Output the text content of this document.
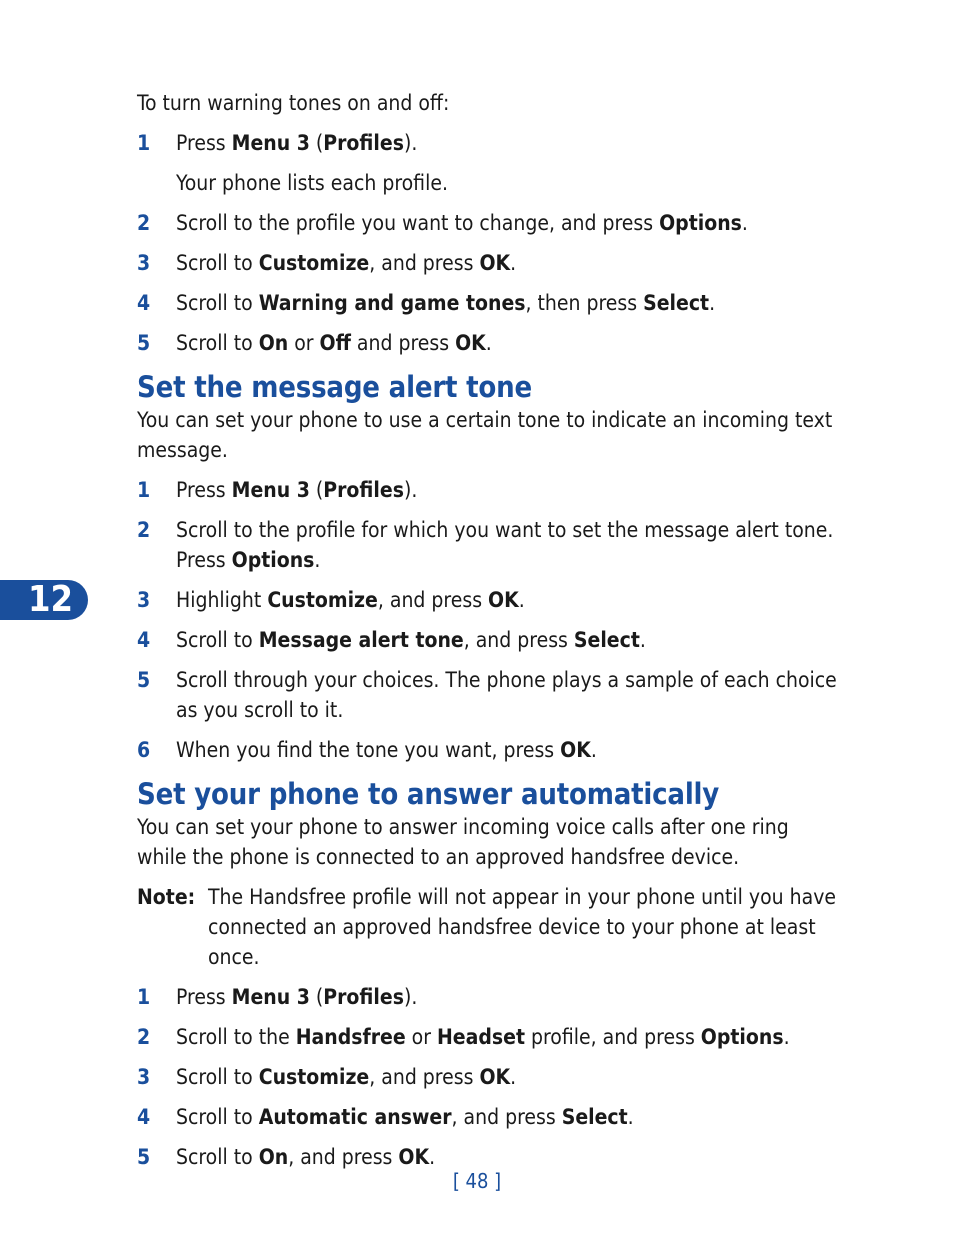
12

To turn warning tones on and off:

1 Press Menu 3 (Profiles).
Your phone lists each profile.
2 Scroll to the profile you want to change, and press Options.
3 Scroll to Customize, and press OK.
4 Scroll to Warning and game tones, then press Select.
5 Scroll to On or Off and press OK.
Set the message alert tone

You can set your phone to use a certain tone to indicate an incoming text message.

1 Press Menu 3 (Profiles).
2 Scroll to the profile for which you want to set the message alert tone. Press Options.
3 Highlight Customize, and press OK.
4 Scroll to Message alert tone, and press Select.
5 Scroll through your choices. The phone plays a sample of each choice as you scroll to it.
6 When you find the tone you want, press OK.
Set your phone to answer automatically

You can set your phone to answer incoming voice calls after one ring while the phone is connected to an approved handsfree device.

Note: The Handsfree profile will not appear in your phone until you have connected an approved handsfree device to your phone at least once.
1 Press Menu 3 (Profiles).
2 Scroll to the Handsfree or Headset profile, and press Options.
3 Scroll to Customize, and press OK.
4 Scroll to Automatic answer, and press Select.
5 Scroll to On, and press OK.
[ 48 ]
